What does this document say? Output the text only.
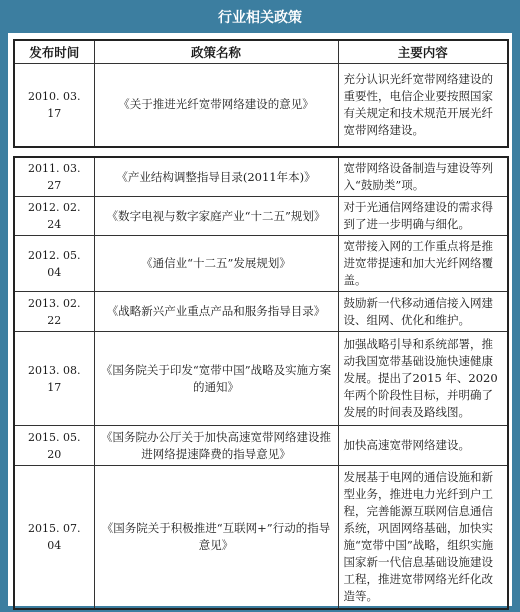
行业相关政策
发布时间	政策名称	主要内容
2010. 03. 17	《关于推进光纤宽带网络建设的意见》	充分认识光纤宽带网络建设的重要性，电信企业要按照国家有关规定和技术规范开展光纤宽带网络建设。
2011. 03. 27	《产业结构调整指导目录(2011年本)》	宽带网络设备制造与建设等列入“鼓励类”项。
2012. 02. 24	《数字电视与数字家庭产业“十二五”规划》	对于光通信网络建设的需求得到了进一步明确与细化。
2012. 05. 04	《通信业“十二五”发展规划》	宽带接入网的工作重点将是推进宽带提速和加大光纤网络覆盖。
2013. 02. 22	《战略新兴产业重点产品和服务指导目录》	鼓励新一代移动通信接入网建设、组网、优化和维护。
2013. 08. 17	《国务院关于印发“宽带中国”战略及实施方案的通知》	加强战略引导和系统部署，推动我国宽带基础设施快速健康发展。提出了2015 年、2020 年两个阶段性目标，并明确了发展的时间表及路线图。
2015. 05. 20	《国务院办公厅关于加快高速宽带网络建设推进网络提速降费的指导意见》	加快高速宽带网络建设。
2015. 07. 04	《国务院关于积极推进“互联网+”行动的指导意见》	发展基于电网的通信设施和新型业务，推进电力光纤到户工程，完善能源互联网信息通信系统，巩固网络基础，加快实施“宽带中国”战略，组织实施国家新一代信息基础设施建设工程，推进宽带网络光纤化改造等。
